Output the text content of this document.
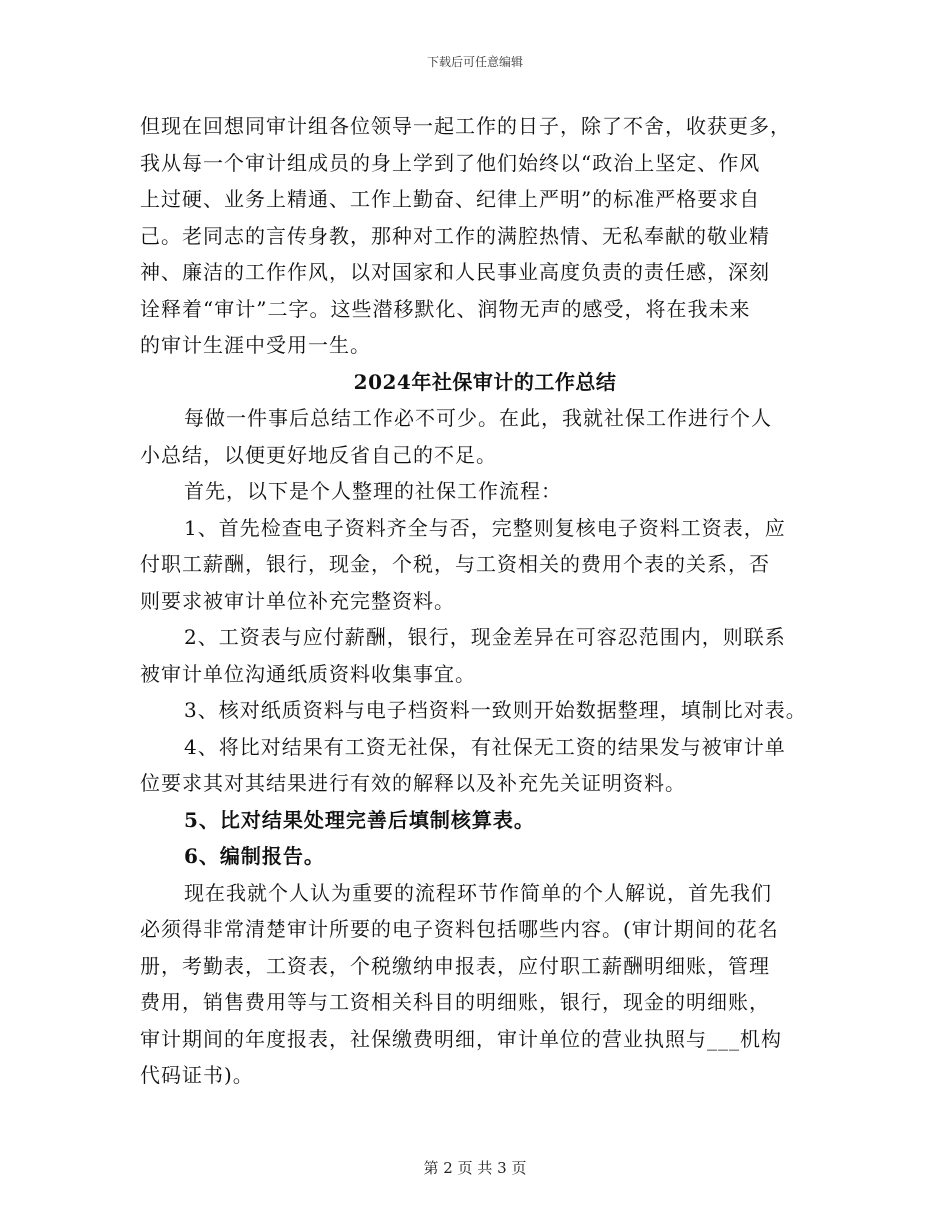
下载后可任意编辑
但现在回想同审计组各位领导一起工作的日子，除了不舍，收获更多，
我从每一个审计组成员的身上学到了他们始终以“政治上坚定、作风
上过硬、业务上精通、工作上勤奋、纪律上严明”的标准严格要求自
己。老同志的言传身教，那种对工作的满腔热情、无私奉献的敬业精
神、廉洁的工作作风，以对国家和人民事业高度负责的责任感，深刻
诠释着“审计”二字。这些潜移默化、润物无声的感受，将在我未来
的审计生涯中受用一生。
2024年社保审计的工作总结
每做一件事后总结工作必不可少。在此，我就社保工作进行个人
小总结，以便更好地反省自己的不足。
首先，以下是个人整理的社保工作流程：
1、首先检查电子资料齐全与否，完整则复核电子资料工资表，应
付职工薪酬，银行，现金，个税，与工资相关的费用个表的关系，否
则要求被审计单位补充完整资料。
2、工资表与应付薪酬，银行，现金差异在可容忍范围内，则联系
被审计单位沟通纸质资料收集事宜。
3、核对纸质资料与电子档资料一致则开始数据整理，填制比对表。
4、将比对结果有工资无社保，有社保无工资的结果发与被审计单
位要求其对其结果进行有效的解释以及补充先关证明资料。
5、比对结果处理完善后填制核算表。
6、编制报告。
现在我就个人认为重要的流程环节作简单的个人解说，首先我们
必须得非常清楚审计所要的电子资料包括哪些内容。(审计期间的花名
册，考勤表，工资表，个税缴纳申报表，应付职工薪酬明细账，管理
费用，销售费用等与工资相关科目的明细账，银行，现金的明细账，
审计期间的年度报表，社保缴费明细，审计单位的营业执照与___机构
代码证书)。
第 2 页 共 3 页
